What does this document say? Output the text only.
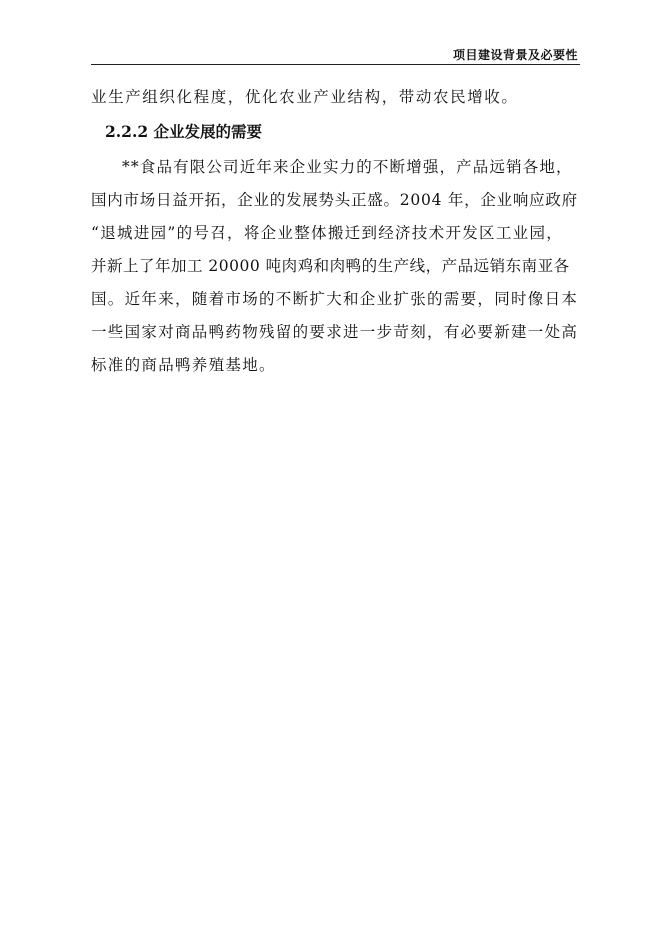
项目建设背景及必要性
业生产组织化程度，优化农业产业结构，带动农民增收。
2.2.2 企业发展的需要
**食品有限公司近年来企业实力的不断增强，产品远销各地，
国内市场日益开拓，企业的发展势头正盛。2004 年，企业响应政府
“退城进园”的号召，将企业整体搬迁到经济技术开发区工业园，
并新上了年加工 20000 吨肉鸡和肉鸭的生产线，产品远销东南亚各
国。近年来，随着市场的不断扩大和企业扩张的需要，同时像日本
一些国家对商品鸭药物残留的要求进一步苛刻，有必要新建一处高
标准的商品鸭养殖基地。
